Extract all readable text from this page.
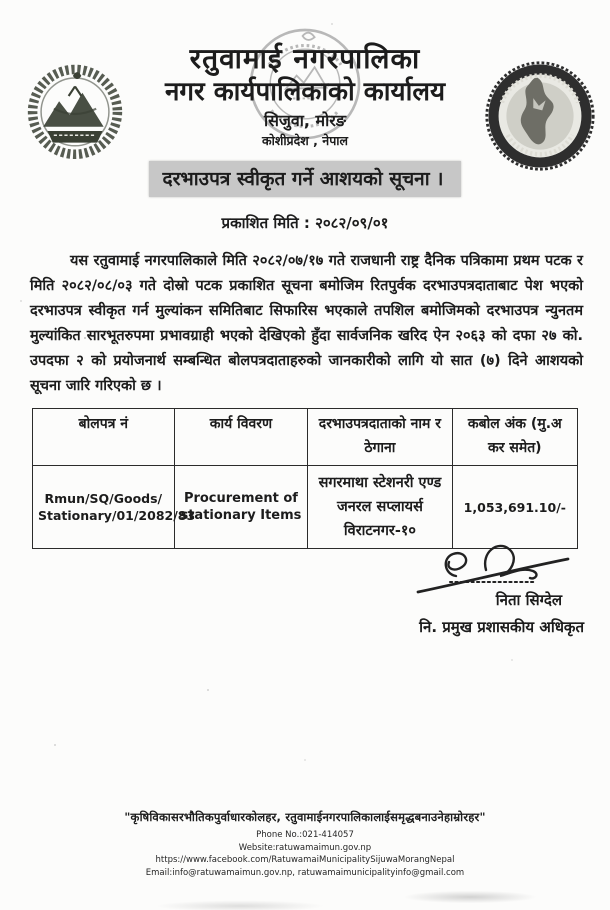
रतुवामाई नगरपालिका
नगर कार्यपालिकाको कार्यालय
सिजुवा, मोरङ
कोशीप्रदेश , नेपाल
दरभाउपत्र स्वीकृत गर्ने आशयको सूचना ।
प्रकाशित मिति : २०८२/०९/०१

यस रतुवामाई नगरपालिकाले मिति २०८२/०७/१७ गते राजधानी राष्ट्र दैनिक पत्रिकामा प्रथम पटक र मिति २०८२/०८/०३ गते दोस्रो पटक प्रकाशित सूचना बमोजिम रितपुर्वक दरभाउपत्रदाताबाट पेश भएको दरभाउपत्र स्वीकृत गर्न मुल्यांकन समितिबाट सिफारिस भएकाले तपशिल बमोजिमको दरभाउपत्र न्युनतम मुल्यांकित सारभूतरुपमा प्रभावग्राही भएको देखिएको हुँदा सार्वजनिक खरिद ऐन २०६३ को दफा २७ को. उपदफा २ को प्रयोजनार्थ सम्बन्धित बोलपत्रदाताहरुको जानकारीको लागि यो सात (७) दिने आशयको सूचना जारि गरिएको छ ।

बोलपत्र नं	कार्य विवरण	दरभाउपत्रदाताको नाम र ठेगाना	कबोल अंक (मु.अ कर समेत)
Rmun/SQ/Goods/ Stationary/01/2082/83	Procurement of stationary Items	सगरमाथा स्टेशनरी एण्ड जनरल सप्लायर्स विराटनगर-१०	1,053,691.10/-
निता सिग्देल
नि. प्रमुख प्रशासकीय अधिकृत
"कृषिविकासरभौतिकपुर्वाधारकोलहर, रतुवामाईनगरपालिकालाईसमृद्धबनाउनेहाम्रोरहर"
Phone No.:021-414057
Website:ratuwamaimun.gov.np
https://www.facebook.com/RatuwamaiMunicipalitySijuwaMorangNepal
Email:info@ratuwamaimun.gov.np, ratuwamaimunicipalityinfo@gmail.com
